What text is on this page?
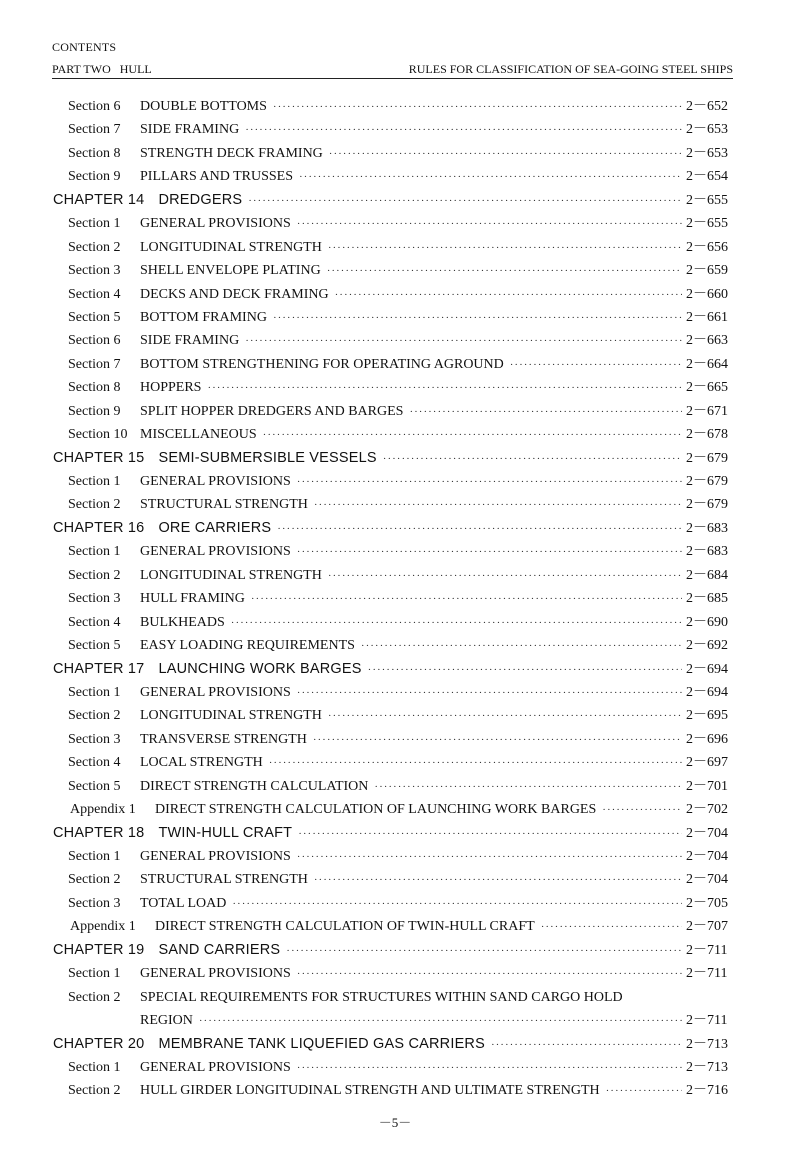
CONTENTS
PART TWO   HULL	RULES FOR CLASSIFICATION OF SEA-GOING STEEL SHIPS
Section 6	DOUBLE BOTTOMS ·····	2－652
Section 7	SIDE FRAMING ·····	2－653
Section 8	STRENGTH DECK FRAMING ·····	2－653
Section 9	PILLARS AND TRUSSES ·····	2－654
CHAPTER 14 DREDGERS ·····	2－655
Section 1	GENERAL PROVISIONS ·····	2－655
Section 2	LONGITUDINAL STRENGTH ·····	2－656
Section 3	SHELL ENVELOPE PLATING ·····	2－659
Section 4	DECKS AND DECK FRAMING ·····	2－660
Section 5	BOTTOM FRAMING ·····	2－661
Section 6	SIDE FRAMING ·····	2－663
Section 7	BOTTOM STRENGTHENING FOR OPERATING AGROUND ·····	2－664
Section 8	HOPPERS ·····	2－665
Section 9	SPLIT HOPPER DREDGERS AND BARGES ·····	2－671
Section 10 MISCELLANEOUS ·····	2－678
CHAPTER 15 SEMI-SUBMERSIBLE VESSELS ·····	2－679
Section 1	GENERAL PROVISIONS ·····	2－679
Section 2	STRUCTURAL STRENGTH ·····	2－679
CHAPTER 16 ORE CARRIERS ·····	2－683
Section 1	GENERAL PROVISIONS ·····	2－683
Section 2	LONGITUDINAL STRENGTH ·····	2－684
Section 3	HULL FRAMING ·····	2－685
Section 4	BULKHEADS ·····	2－690
Section 5	EASY LOADING REQUIREMENTS ·····	2－692
CHAPTER 17 LAUNCHING WORK BARGES ·····	2－694
Section 1	GENERAL PROVISIONS ·····	2－694
Section 2	LONGITUDINAL STRENGTH ·····	2－695
Section 3	TRANSVERSE STRENGTH ·····	2－696
Section 4	LOCAL STRENGTH ·····	2－697
Section 5	DIRECT STRENGTH CALCULATION ·····	2－701
Appendix 1	DIRECT STRENGTH CALCULATION OF LAUNCHING WORK BARGES ·····	2－702
CHAPTER 18 TWIN-HULL CRAFT ·····	2－704
Section 1	GENERAL PROVISIONS ·····	2－704
Section 2	STRUCTURAL STRENGTH ·····	2－704
Section 3	TOTAL LOAD ·····	2－705
Appendix 1	DIRECT STRENGTH CALCULATION OF TWIN-HULL CRAFT ·····	2－707
CHAPTER 19 SAND CARRIERS ·····	2－711
Section 1	GENERAL PROVISIONS ·····	2－711
Section 2	SPECIAL REQUIREMENTS FOR STRUCTURES WITHIN SAND CARGO HOLD
REGION ·····	2－711
CHAPTER 20 MEMBRANE TANK LIQUEFIED GAS CARRIERS ·····	2－713
Section 1	GENERAL PROVISIONS ·····	2－713
Section 2	HULL GIRDER LONGITUDINAL STRENGTH AND ULTIMATE STRENGTH ·····	2－716
－5－
